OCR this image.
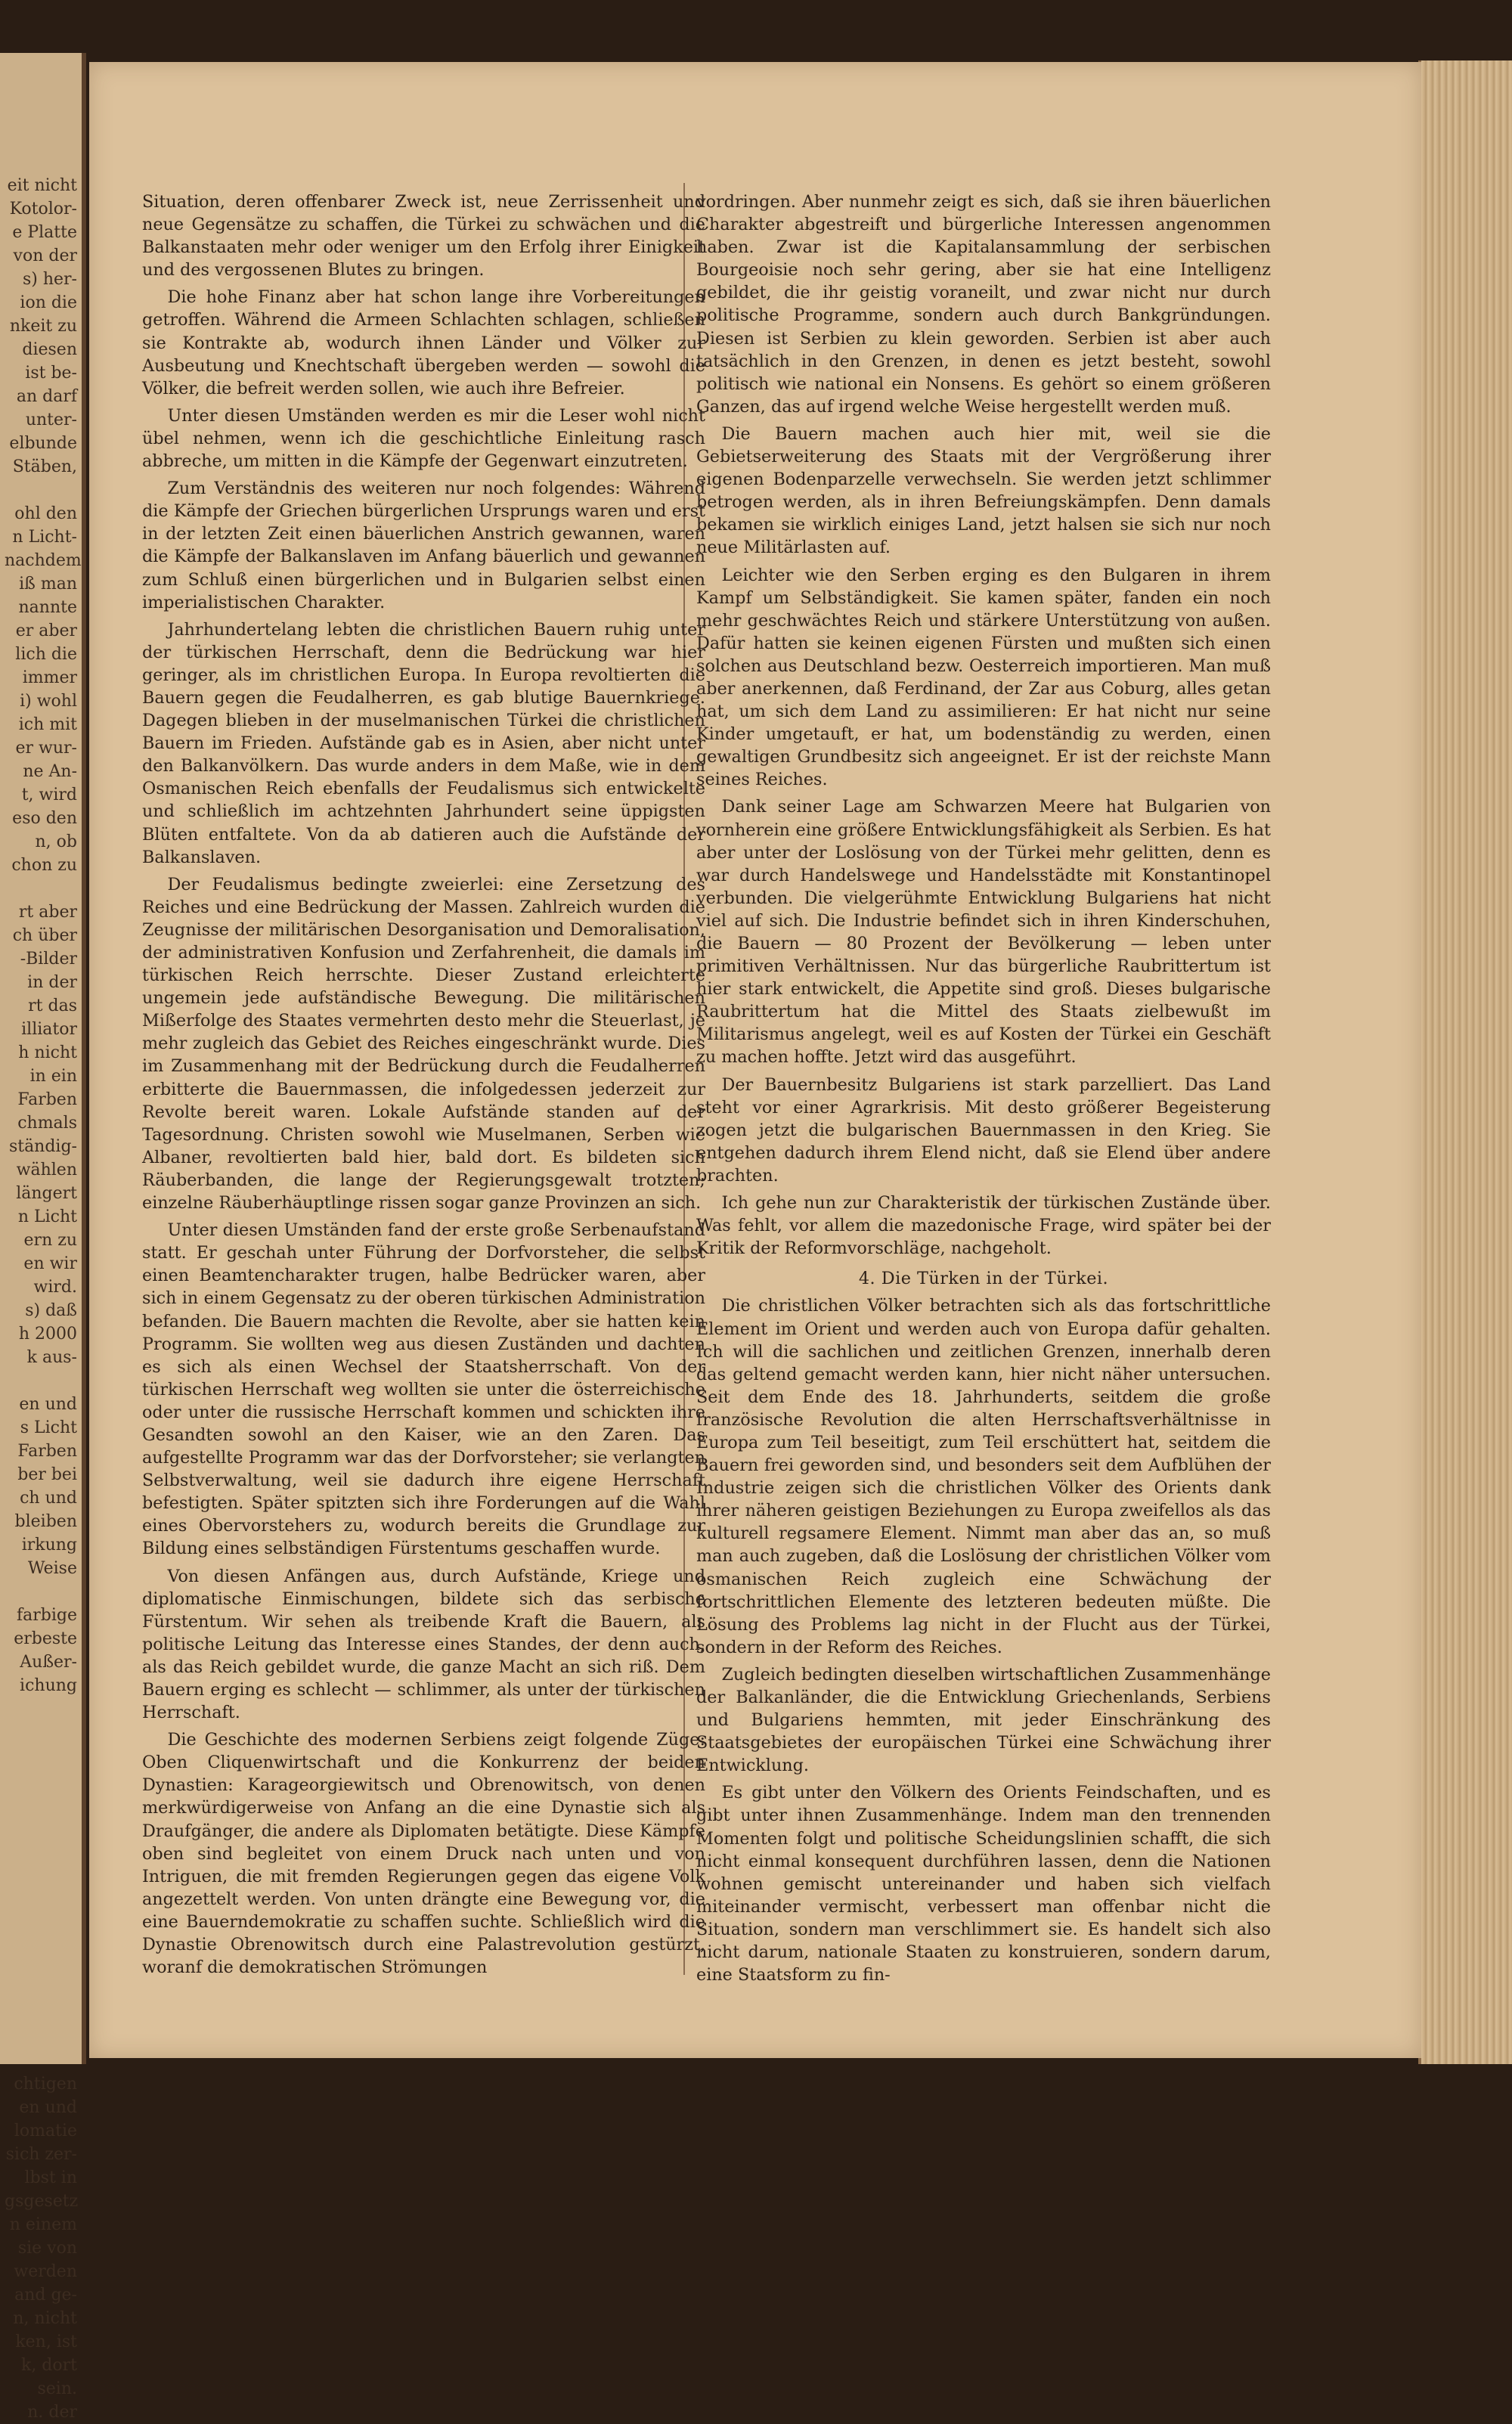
eit nicht
Kotolor-
e Platte
von der
s) her-
ion die
nkeit zu
diesen
ist be-
an darf
unter-
elbunde
Stäben,
ohl den
n Licht-
nachdem
iß man
nannte
er aber
lich die
immer
i) wohl
ich mit
er wur-
ne An-
t, wird
eso den
n, ob
chon zu
rt aber
ch über
-Bilder
in der
rt das
illiator
h nicht
in ein
Farben
chmals
ständig-
wählen
längert
n Licht
ern zu
en wir
wird.
s) daß
h 2000
k aus-
en und
s Licht
Farben
ber bei
ch und
bleiben
irkung
Weise
farbige
erbeste
Außer-
ichung
chtigen
en und
lomatie
sich zer-
lbst in
gsgesetz
n einem
sie von
werden
and ge-
n, nicht
ken, ist
k, dort
sein.
n. der

Situation, deren offenbarer Zweck ist, neue Zerrissenheit und neue Gegensätze zu schaffen, die Türkei zu schwächen und die Balkanstaaten mehr oder weniger um den Erfolg ihrer Einigkeit und des vergossenen Blutes zu bringen.

Die hohe Finanz aber hat schon lange ihre Vorbereitungen getroffen. Während die Armeen Schlachten schlagen, schließen sie Kontrakte ab, wodurch ihnen Länder und Völker zur Ausbeutung und Knechtschaft übergeben werden — sowohl die Völker, die befreit werden sollen, wie auch ihre Befreier.

Unter diesen Umständen werden es mir die Leser wohl nicht übel nehmen, wenn ich die geschichtliche Einleitung rasch abbreche, um mitten in die Kämpfe der Gegenwart einzutreten.

Zum Verständnis des weiteren nur noch folgendes: Während die Kämpfe der Griechen bürgerlichen Ursprungs waren und erst in der letzten Zeit einen bäuerlichen Anstrich gewannen, waren die Kämpfe der Balkanslaven im Anfang bäuerlich und gewannen zum Schluß einen bürgerlichen und in Bulgarien selbst einen imperialistischen Charakter.

Jahrhundertelang lebten die christlichen Bauern ruhig unter der türkischen Herrschaft, denn die Bedrückung war hier geringer, als im christlichen Europa. In Europa revoltierten die Bauern gegen die Feudalherren, es gab blutige Bauernkriege. Dagegen blieben in der muselmanischen Türkei die christlichen Bauern im Frieden. Aufstände gab es in Asien, aber nicht unter den Balkanvölkern. Das wurde anders in dem Maße, wie in dem Osmanischen Reich ebenfalls der Feudalismus sich entwickelte und schließlich im achtzehnten Jahrhundert seine üppigsten Blüten entfaltete. Von da ab datieren auch die Aufstände der Balkanslaven.

Der Feudalismus bedingte zweierlei: eine Zersetzung des Reiches und eine Bedrückung der Massen. Zahlreich wurden die Zeugnisse der militärischen Desorganisation und Demoralisation, der administrativen Konfusion und Zerfahrenheit, die damals im türkischen Reich herrschte. Dieser Zustand erleichterte ungemein jede aufständische Bewegung. Die militärischen Mißerfolge des Staates vermehrten desto mehr die Steuerlast, je mehr zugleich das Gebiet des Reiches eingeschränkt wurde. Dies im Zusammenhang mit der Bedrückung durch die Feudalherren erbitterte die Bauernmassen, die infolgedessen jederzeit zur Revolte bereit waren. Lokale Aufstände standen auf der Tagesordnung. Christen sowohl wie Muselmanen, Serben wie Albaner, revoltierten bald hier, bald dort. Es bildeten sich Räuberbanden, die lange der Regierungsgewalt trotzten; einzelne Räuberhäuptlinge rissen sogar ganze Provinzen an sich.

Unter diesen Umständen fand der erste große Serbenaufstand statt. Er geschah unter Führung der Dorfvorsteher, die selbst einen Beamtencharakter trugen, halbe Bedrücker waren, aber sich in einem Gegensatz zu der oberen türkischen Administration befanden. Die Bauern machten die Revolte, aber sie hatten kein Programm. Sie wollten weg aus diesen Zuständen und dachten es sich als einen Wechsel der Staatsherrschaft. Von der türkischen Herrschaft weg wollten sie unter die österreichische oder unter die russische Herrschaft kommen und schickten ihre Gesandten sowohl an den Kaiser, wie an den Zaren. Das aufgestellte Programm war das der Dorfvorsteher; sie verlangten Selbstverwaltung, weil sie dadurch ihre eigene Herrschaft befestigten. Später spitzten sich ihre Forderungen auf die Wahl eines Obervorstehers zu, wodurch bereits die Grundlage zur Bildung eines selbständigen Fürstentums geschaffen wurde.

Von diesen Anfängen aus, durch Aufstände, Kriege und diplomatische Einmischungen, bildete sich das serbische Fürstentum. Wir sehen als treibende Kraft die Bauern, als politische Leitung das Interesse eines Standes, der denn auch, als das Reich gebildet wurde, die ganze Macht an sich riß. Dem Bauern erging es schlecht — schlimmer, als unter der türkischen Herrschaft.

Die Geschichte des modernen Serbiens zeigt folgende Züge: Oben Cliquenwirtschaft und die Konkurrenz der beiden Dynastien: Karageorgiewitsch und Obrenowitsch, von denen merkwürdigerweise von Anfang an die eine Dynastie sich als Draufgänger, die andere als Diplomaten betätigte. Diese Kämpfe oben sind begleitet von einem Druck nach unten und von Intriguen, die mit fremden Regierungen gegen das eigene Volk angezettelt werden. Von unten drängte eine Bewegung vor, die eine Bauerndemokratie zu schaffen suchte. Schließlich wird die Dynastie Obrenowitsch durch eine Palastrevolution gestürzt, woranf die demokratischen Strömungen

vordringen. Aber nunmehr zeigt es sich, daß sie ihren bäuerlichen Charakter abgestreift und bürgerliche Interessen angenommen haben. Zwar ist die Kapitalansammlung der serbischen Bourgeoisie noch sehr gering, aber sie hat eine Intelligenz gebildet, die ihr geistig voraneilt, und zwar nicht nur durch politische Programme, sondern auch durch Bankgründungen. Diesen ist Serbien zu klein geworden. Serbien ist aber auch tatsächlich in den Grenzen, in denen es jetzt besteht, sowohl politisch wie national ein Nonsens. Es gehört so einem größeren Ganzen, das auf irgend welche Weise hergestellt werden muß.

Die Bauern machen auch hier mit, weil sie die Gebietserweiterung des Staats mit der Vergrößerung ihrer eigenen Bodenparzelle verwechseln. Sie werden jetzt schlimmer betrogen werden, als in ihren Befreiungskämpfen. Denn damals bekamen sie wirklich einiges Land, jetzt halsen sie sich nur noch neue Militärlasten auf.

Leichter wie den Serben erging es den Bulgaren in ihrem Kampf um Selbständigkeit. Sie kamen später, fanden ein noch mehr geschwächtes Reich und stärkere Unterstützung von außen. Dafür hatten sie keinen eigenen Fürsten und mußten sich einen solchen aus Deutschland bezw. Oesterreich importieren. Man muß aber anerkennen, daß Ferdinand, der Zar aus Coburg, alles getan hat, um sich dem Land zu assimilieren: Er hat nicht nur seine Kinder umgetauft, er hat, um bodenständig zu werden, einen gewaltigen Grundbesitz sich angeeignet. Er ist der reichste Mann seines Reiches.

Dank seiner Lage am Schwarzen Meere hat Bulgarien von vornherein eine größere Entwicklungsfähigkeit als Serbien. Es hat aber unter der Loslösung von der Türkei mehr gelitten, denn es war durch Handelswege und Handelsstädte mit Konstantinopel verbunden. Die vielgerühmte Entwicklung Bulgariens hat nicht viel auf sich. Die Industrie befindet sich in ihren Kinderschuhen, die Bauern — 80 Prozent der Bevölkerung — leben unter primitiven Verhältnissen. Nur das bürgerliche Raubrittertum ist hier stark entwickelt, die Appetite sind groß. Dieses bulgarische Raubrittertum hat die Mittel des Staats zielbewußt im Militarismus angelegt, weil es auf Kosten der Türkei ein Geschäft zu machen hoffte. Jetzt wird das ausgeführt.

Der Bauernbesitz Bulgariens ist stark parzelliert. Das Land steht vor einer Agrarkrisis. Mit desto größerer Begeisterung zogen jetzt die bulgarischen Bauernmassen in den Krieg. Sie entgehen dadurch ihrem Elend nicht, daß sie Elend über andere brachten.

Ich gehe nun zur Charakteristik der türkischen Zustände über. Was fehlt, vor allem die mazedonische Frage, wird später bei der Kritik der Reformvorschläge, nachgeholt.

4. Die Türken in der Türkei.

Die christlichen Völker betrachten sich als das fortschrittliche Element im Orient und werden auch von Europa dafür gehalten. Ich will die sachlichen und zeitlichen Grenzen, innerhalb deren das geltend gemacht werden kann, hier nicht näher untersuchen. Seit dem Ende des 18. Jahrhunderts, seitdem die große französische Revolution die alten Herrschaftsverhältnisse in Europa zum Teil beseitigt, zum Teil erschüttert hat, seitdem die Bauern frei geworden sind, und besonders seit dem Aufblühen der Industrie zeigen sich die christlichen Völker des Orients dank ihrer näheren geistigen Beziehungen zu Europa zweifellos als das kulturell regsamere Element. Nimmt man aber das an, so muß man auch zugeben, daß die Loslösung der christlichen Völker vom osmanischen Reich zugleich eine Schwächung der fortschrittlichen Elemente des letzteren bedeuten müßte. Die Lösung des Problems lag nicht in der Flucht aus der Türkei, sondern in der Reform des Reiches.

Zugleich bedingten dieselben wirtschaftlichen Zusammenhänge der Balkanländer, die die Entwicklung Griechenlands, Serbiens und Bulgariens hemmten, mit jeder Einschränkung des Staatsgebietes der europäischen Türkei eine Schwächung ihrer Entwicklung.

Es gibt unter den Völkern des Orients Feindschaften, und es gibt unter ihnen Zusammenhänge. Indem man den trennenden Momenten folgt und politische Scheidungslinien schafft, die sich nicht einmal konsequent durchführen lassen, denn die Nationen wohnen gemischt untereinander und haben sich vielfach miteinander vermischt, verbessert man offenbar nicht die Situation, sondern man verschlimmert sie. Es handelt sich also nicht darum, nationale Staaten zu konstruieren, sondern darum, eine Staatsform zu fin-
